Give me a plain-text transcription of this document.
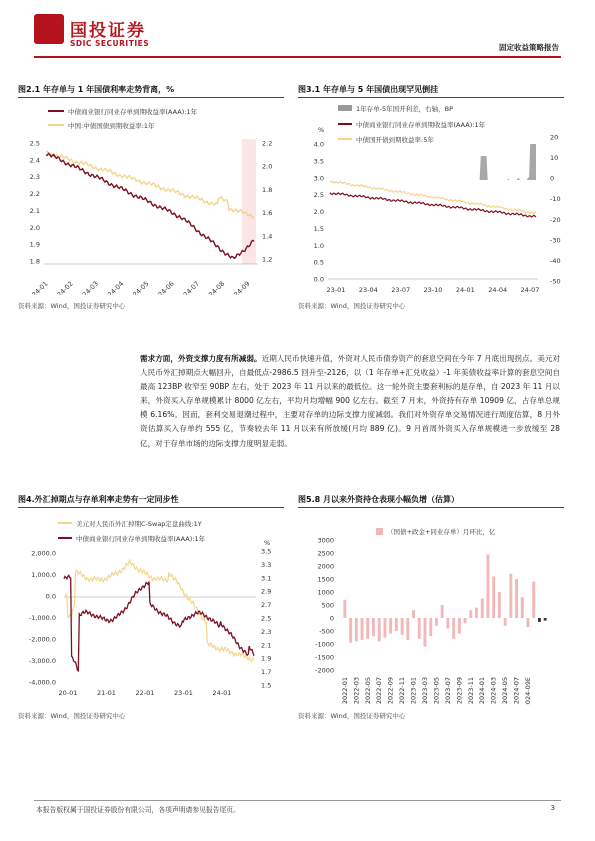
国投证券
SDIC SECURITIES	固定收益策略报告
图2.1 年存单与 1 年国债利率走势背离，%
中债商业银行同业存单到期收益率(AAA):1年
中国:中债国债到期收益率:1年
2.5
2.4
2.3
2.2
2.1
2.0
1.9
1.8
2.2
2.0
1.8
1.6
1.4
1.2
24-01 24-02 24-03 24-04 24-05 24-06 24-07 24-08 24-09
资料来源：Wind，国投证券研究中心
图3.1 年存单与 5 年国债出现罕见倒挂
1年存单-5年国开利差，右轴，BP
中债商业银行同业存单到期收益率(AAA):1年
中债国开债到期收益率:5年
%
4.0
3.5
3.0
2.5
2.0
1.5
1.0
0.5
0.0
20
10
0
-10
-20
-30
-40
-50
23-01 23-04 23-07 23-10 24-01 24-04 24-07
资料来源：Wind，国投证券研究中心
需求方面，外资支撑力度有所减弱。近期人民币快速升值，外资对人民币债券资产的套息空间在今年 7 月底出现拐点。美元对人民币外汇掉期点大幅回升，自最低点-2986.5 回升至-2126，以（1 年存单+汇兑收益）-1 年美债收益率计算的套息空间自最高 123BP 收窄至 90BP 左右，处于 2023 年 11 月以来的最低位。这一轮外资主要套利标的是存单，自 2023 年 11 月以来，外资买入存单规模累计 8000 亿左右，平均月均增幅 900 亿左右。截至 7 月末，外资持有存单 10909 亿，占存单总规模 6.16%。因而，套利交易退潮过程中，主要对存单的边际支撑力度减弱。我们对外资存单交易情况进行周度估算，8 月外资估算买入存单约 555 亿，节奏较去年 11 月以来有所放缓(月均 889 亿)。9 月首周外资买入存单规模进一步放缓至 28 亿，对于存单市场的边际支撑力度明显走弱。
图4.外汇掉期点与存单利率走势有一定同步性
美元对人民币外汇掉期C-Swap定盘曲线:1Y
中债商业银行同业存单到期收益率(AAA):1年	%
2,000.0
1,000.0
0.0
-1,000.0
-2,000.0
-3,000.0
-4,000.0
3.5
3.3
3.1
2.9
2.7
2.5
2.3
2.1
1.9
1.7
1.5
20-01	21-01	22-01	23-01	24-01
资料来源：Wind，国投证券研究中心
图5.8 月以来外资持仓表现小幅负增（估算）
（国债+政金+同业存单）月环比，亿
3000
2500
2000
1500
1000
500
0
-500
-1000
-1500
-2000
2022-01 2022-03 2022-05 2022-07 2022-09 2022-11 2023-01 2023-03 2023-05 2023-07 2023-09 2023-11 2024-01 2024-03 2024-05 2024-07 2024-09E
资料来源：Wind，国投证券研究中心
本报告版权属于国投证券股份有限公司，各项声明请参见报告尾页。	3
